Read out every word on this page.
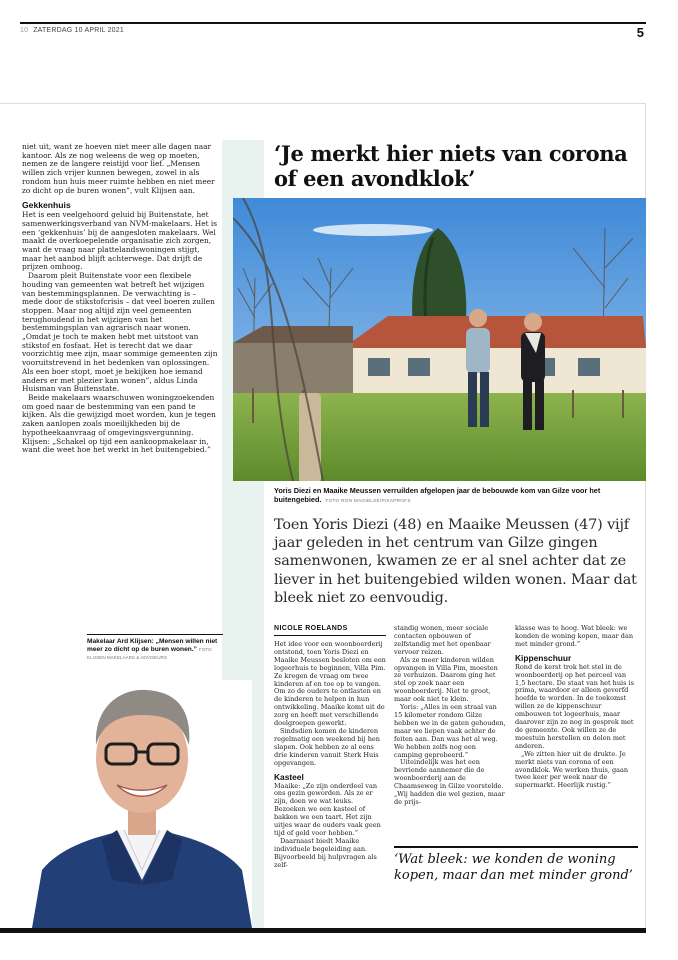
10 ZATERDAG 10 APRIL 2021	5

niet uit, want ze hoeven niet meer alle dagen naar kantoor. Als ze nog weleens de weg op moeten, nemen ze de langere reistijd voor lief. „Mensen willen zich vrijer kunnen bewegen, zowel in als rondom hun huis meer ruimte hebben en niet meer zo dicht op de buren wonen”, vult Klijsen aan.

Gekkenhuis

Het is een veelgehoord geluid bij Buitenstate, het samenwerkingsverband van NVM-makelaars. Het is een ‘gekkenhuis’ bij de aangesloten makelaars. Wel maakt de overkoepelende organisatie zich zorgen, want de vraag naar plattelandswoningen stijgt, maar het aanbod blijft achterwege. Dat drijft de prijzen omhoog.

Daarom pleit Buitenstate voor een flexibele houding van gemeenten wat betreft het wijzigen van bestemmingsplannen. De verwachting is – mede door de stikstofcrisis – dat veel boeren zullen stoppen. Maar nog altijd zijn veel gemeenten terughoudend in het wijzigen van het bestemmingsplan van agrarisch naar wonen. „Omdat je toch te maken hebt met uitstoot van stikstof en fosfaat. Het is terecht dat we daar voorzichtig mee zijn, maar sommige gemeenten zijn vooruitstrevend in het bedenken van oplossingen. Als een boer stopt, moet je bekijken hoe iemand anders er met plezier kan wonen”, aldus Linda Huisman van Buitenstate.

Beide makelaars waarschuwen woningzoekenden om goed naar de bestemming van een pand te kijken. Als die gewijzigd moet worden, kun je tegen zaken aanlopen zoals moeilijkheden bij de hypotheekaanvraag of omgevingsvergunning. Klijsen: „Schakel op tijd een aankoopmakelaar in, want die weet hoe het werkt in het buitengebied.”

‘Je merkt hier niets van corona of een avondklok’
Yoris Diezi en Maaike Meussen verruilden afgelopen jaar de bebouwde kom van Gilze voor het buitengebied. FOTO RON MAGIELSE/PIXAPROFS
Toen Yoris Diezi (48) en Maaike Meussen (47) vijf jaar geleden in het centrum van Gilze gingen samenwonen, kwamen ze er al snel achter dat ze liever in het buitengebied wilden wonen. Maar dat bleek niet zo eenvoudig.
NICOLE ROELANDS

Het idee voor een woonboerderij ontstond, toen Yoris Diezi en Maaike Meussen besloten om een logeerhuis te beginnen, Villa Pim. Ze kregen de vraag om twee kinderen af en toe op te vangen. Om zo de ouders te ontlasten en de kinderen te helpen in hun ontwikkeling. Maaike komt uit de zorg en heeft met verschillende doelgroepen gewerkt.

Sindsdien komen de kinderen regelmatig een weekend bij hen slapen. Ook hebben ze al eens drie kinderen vanuit Sterk Huis opgevangen.

Kasteel

Maaike: „Ze zijn onderdeel van ons gezin geworden. Als ze er zijn, doen we wat leuks. Bezoeken we een kasteel of bakken we een taart. Het zijn uitjes waar de ouders vaak geen tijd of geld voor hebben.”

Daarnaast biedt Maaike individuele begeleiding aan. Bijvoorbeeld bij hulpvragen als zelf-

standig wonen, meer sociale contacten opbouwen of zelfstandig met het openbaar vervoer reizen.

Als ze meer kinderen wilden opvangen in Villa Pim, moesten ze verhuizen. Daarom ging het stel op zoek naar een woonboerderij. Niet te groot, maar ook niet te klein.

Yoris: „Alles in een straal van 15 kilometer rondom Gilze hebben we in de gaten gehouden, maar we liepen vaak achter de feiten aan. Dan was het al weg. We hebben zelfs nog een camping geprobeerd.”

Uiteindelijk was het een bevriende aannemer die de woonboerderij aan de Chaamseweg in Gilze voorstelde. „Wij hadden die wel gezien, maar de prijs-

klasse was te hoog. Wat bleek: we konden de woning kopen, maar dan met minder grond.”

Kippenschuur

Rond de kerst trok het stel in de woonboerderij op het perceel van 1,5 hectare. De staat van het huis is prima, waardoor er alleen geverfd hoefde te worden. In de toekomst willen ze de kippenschuur ombouwen tot logeerhuis, maar daarover zijn ze nog in gesprek met de gemeente. Ook willen ze de moestuin herstellen en delen met anderen.

„We zitten hier uit de drukte. Je merkt niets van corona of een avondklok. We werken thuis, gaan twee keer per week naar de supermarkt. Heerlijk rustig.”

‘Wat bleek: we konden de woning kopen, maar dan met minder grond’
Makelaar Ard Klijsen: „Mensen willen niet meer zo dicht op de buren wonen.” FOTO KLIJSEN MAKELAARS & ADVISEURS
